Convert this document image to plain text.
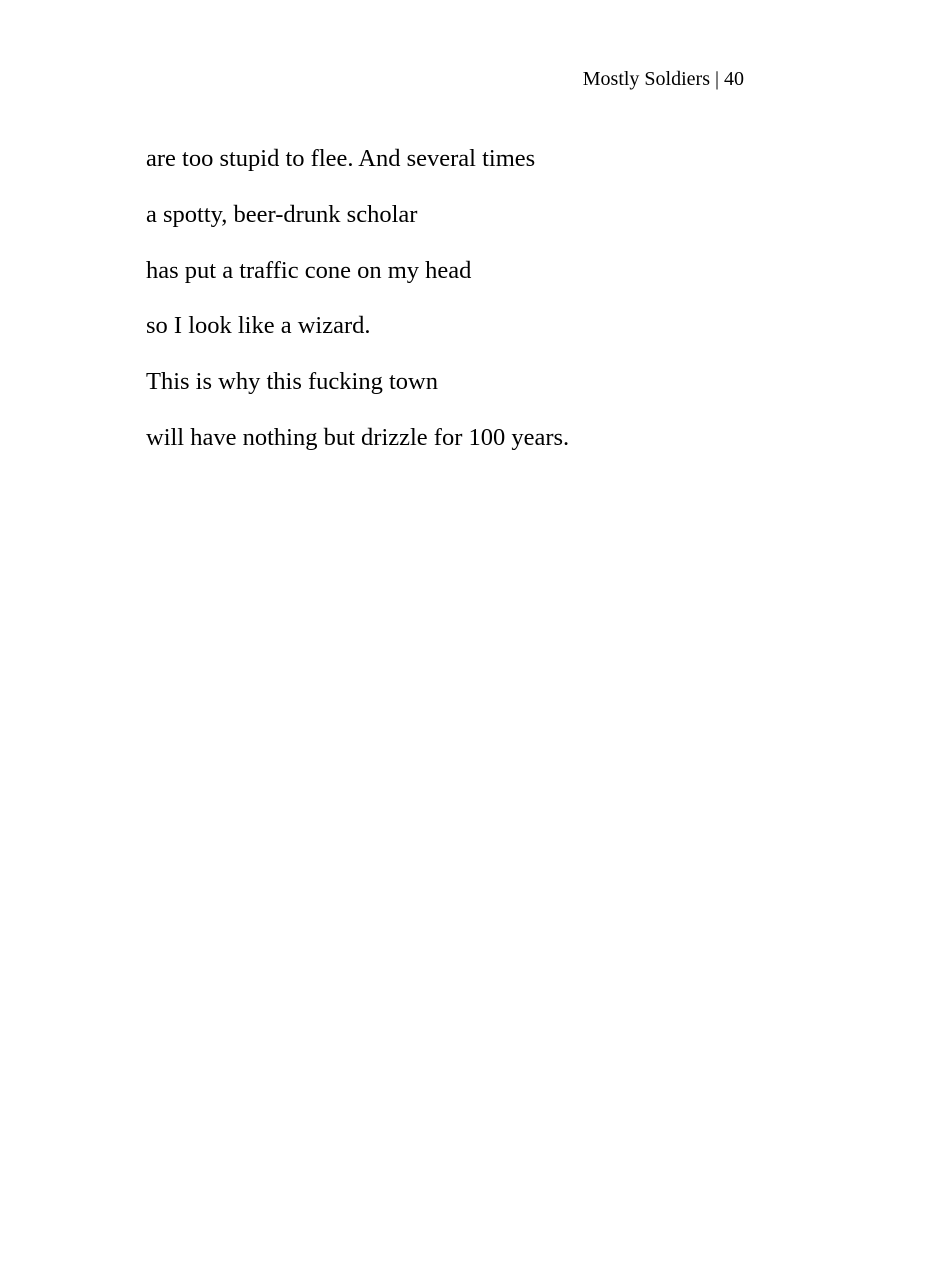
Mostly Soldiers | 40

are too stupid to flee. And several times

a spotty, beer-drunk scholar

has put a traffic cone on my head

so I look like a wizard.

This is why this fucking town

will have nothing but drizzle for 100 years.
